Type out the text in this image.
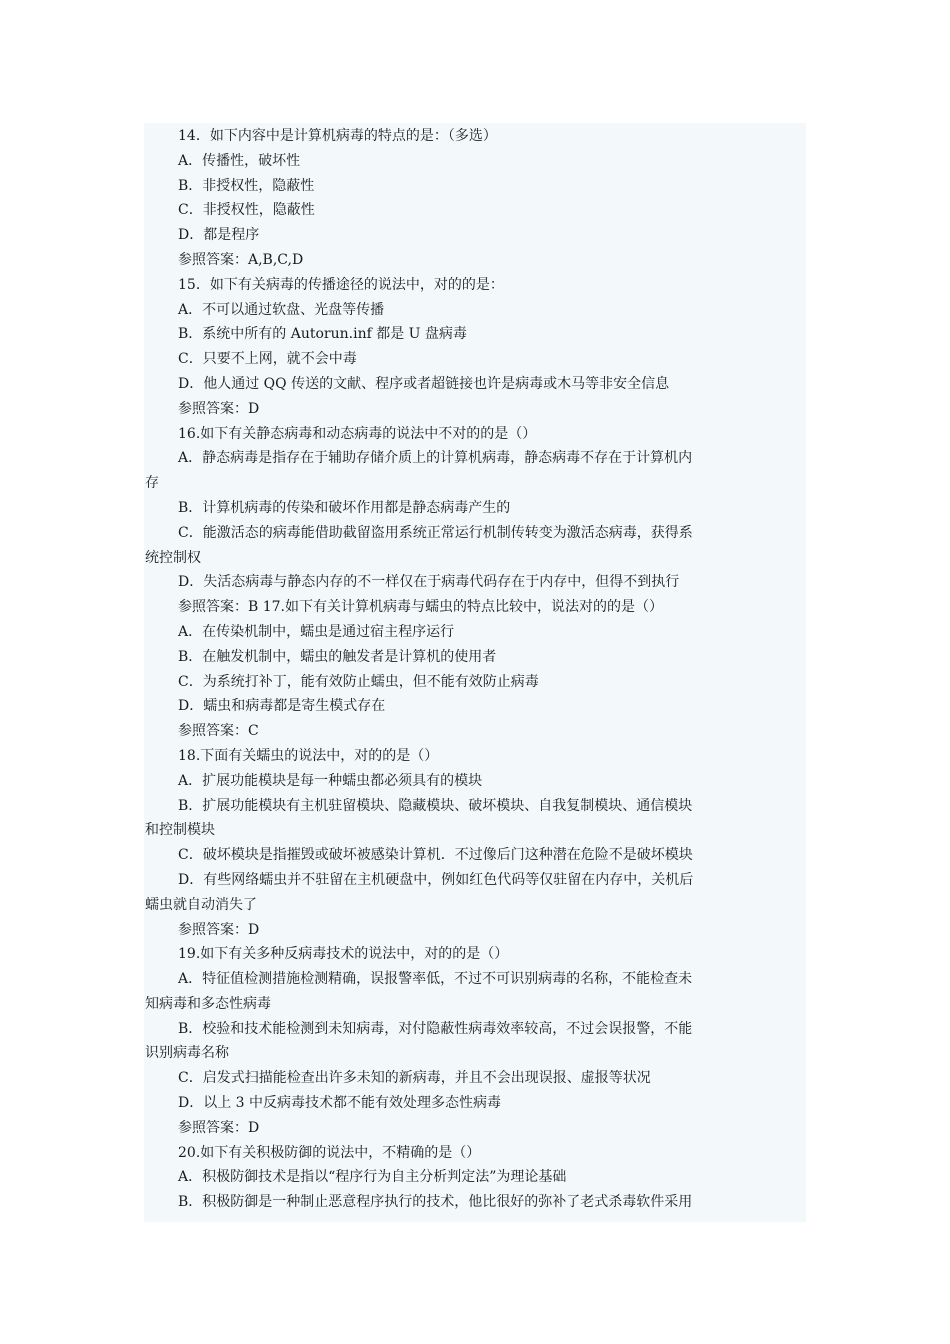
14．如下内容中是计算机病毒的特点的是：（多选）
A．传播性，破坏性
B．非授权性，隐蔽性
C．非授权性，隐蔽性
D．都是程序
参照答案：A,B,C,D
15．如下有关病毒的传播途径的说法中，对的的是：
A．不可以通过软盘、光盘等传播
B．系统中所有的 Autorun.inf 都是 U 盘病毒
C．只要不上网，就不会中毒
D．他人通过 QQ 传送的文献、程序或者超链接也许是病毒或木马等非安全信息
参照答案：D
16.如下有关静态病毒和动态病毒的说法中不对的的是（）
A．静态病毒是指存在于辅助存储介质上的计算机病毒，静态病毒不存在于计算机内
存
B．计算机病毒的传染和破坏作用都是静态病毒产生的
C．能激活态的病毒能借助截留盗用系统正常运行机制传转变为激活态病毒，获得系
统控制权
D．失活态病毒与静态内存的不一样仅在于病毒代码存在于内存中，但得不到执行
参照答案：B 17.如下有关计算机病毒与蠕虫的特点比较中，说法对的的是（）
A．在传染机制中，蠕虫是通过宿主程序运行
B．在触发机制中，蠕虫的触发者是计算机的使用者
C．为系统打补丁，能有效防止蠕虫，但不能有效防止病毒
D．蠕虫和病毒都是寄生模式存在
参照答案：C
18.下面有关蠕虫的说法中，对的的是（）
A．扩展功能模块是每一种蠕虫都必须具有的模块
B．扩展功能模块有主机驻留模块、隐藏模块、破坏模块、自我复制模块、通信模块
和控制模块
C．破坏模块是指摧毁或破坏被感染计算机．不过像后门这种潜在危险不是破坏模块
D．有些网络蠕虫并不驻留在主机硬盘中，例如红色代码等仅驻留在内存中，关机后
蠕虫就自动消失了
参照答案：D
19.如下有关多种反病毒技术的说法中，对的的是（）
A．特征值检测措施检测精确，误报警率低，不过不可识别病毒的名称，不能检查未
知病毒和多态性病毒
B．校验和技术能检测到未知病毒，对付隐蔽性病毒效率较高，不过会误报警，不能
识别病毒名称
C．启发式扫描能检查出许多未知的新病毒，并且不会出现误报、虚报等状况
D．以上 3 中反病毒技术都不能有效处理多态性病毒
参照答案：D
20.如下有关积极防御的说法中，不精确的是（）
A．积极防御技术是指以“程序行为自主分析判定法”为理论基础
B．积极防御是一种制止恶意程序执行的技术，他比很好的弥补了老式杀毒软件采用
